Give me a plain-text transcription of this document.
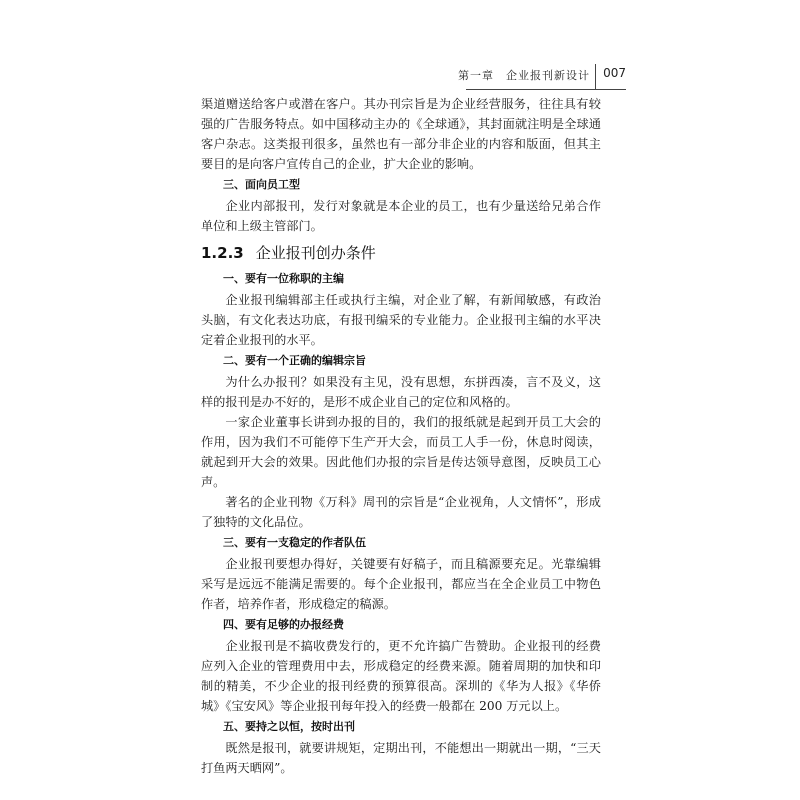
第一章　企业报刊新设计 007

渠道赠送给客户或潜在客户。其办刊宗旨是为企业经营服务，往往具有较强的广告服务特点。如中国移动主办的《全球通》，其封面就注明是全球通客户杂志。这类报刊很多，虽然也有一部分非企业的内容和版面，但其主要目的是向客户宣传自己的企业，扩大企业的影响。

三、面向员工型

企业内部报刊，发行对象就是本企业的员工，也有少量送给兄弟合作单位和上级主管部门。

1.2.3 企业报刊创办条件
一、要有一位称职的主编

企业报刊编辑部主任或执行主编，对企业了解，有新闻敏感，有政治头脑，有文化表达功底，有报刊编采的专业能力。企业报刊主编的水平决定着企业报刊的水平。

二、要有一个正确的编辑宗旨

为什么办报刊？如果没有主见，没有思想，东拼西凑，言不及义，这样的报刊是办不好的，是形不成企业自己的定位和风格的。

一家企业董事长讲到办报的目的，我们的报纸就是起到开员工大会的作用，因为我们不可能停下生产开大会，而员工人手一份，休息时阅读，就起到开大会的效果。因此他们办报的宗旨是传达领导意图，反映员工心声。

著名的企业刊物《万科》周刊的宗旨是“企业视角，人文情怀”，形成了独特的文化品位。

三、要有一支稳定的作者队伍

企业报刊要想办得好，关键要有好稿子，而且稿源要充足。光靠编辑采写是远远不能满足需要的。每个企业报刊，都应当在全企业员工中物色作者，培养作者，形成稳定的稿源。

四、要有足够的办报经费

企业报刊是不搞收费发行的，更不允许搞广告赞助。企业报刊的经费应列入企业的管理费用中去，形成稳定的经费来源。随着周期的加快和印制的精美，不少企业的报刊经费的预算很高。深圳的《华为人报》《华侨城》《宝安风》等企业报刊每年投入的经费一般都在 200 万元以上。

五、要持之以恒，按时出刊

既然是报刊，就要讲规矩，定期出刊，不能想出一期就出一期，“三天打鱼两天晒网”。
